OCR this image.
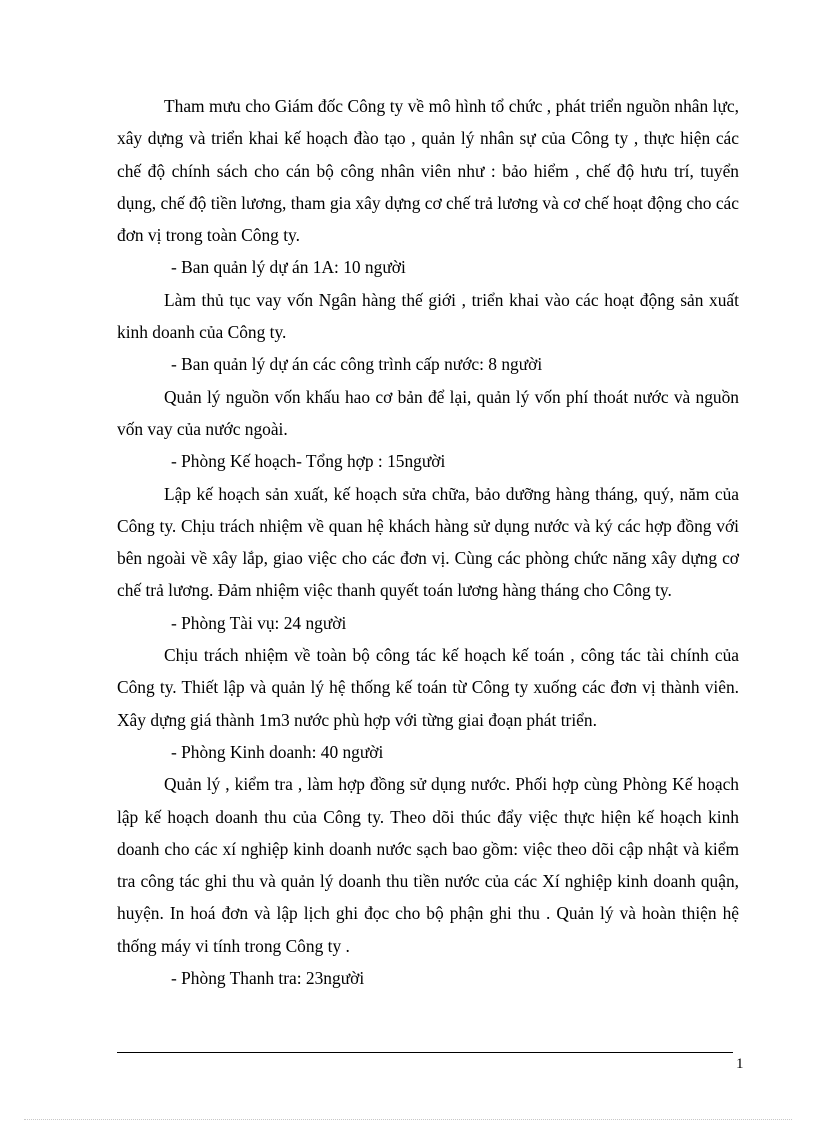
Tham mưu cho Giám đốc Công ty về mô hình tổ chức , phát triển nguồn nhân lực, xây dựng và triển khai kế hoạch đào tạo , quản lý nhân sự của Công ty , thực hiện các chế độ chính sách cho cán bộ công nhân viên như : bảo hiểm , chế độ hưu trí, tuyển dụng, chế độ tiền lương, tham gia xây dựng cơ chế trả lương và cơ chế hoạt động cho các đơn vị trong toàn Công ty.

- Ban quản lý dự án 1A: 10 người

Làm thủ tục vay vốn Ngân hàng thế giới , triển khai vào các hoạt động sản xuất kinh doanh của Công ty.

- Ban quản lý dự án các công trình cấp nước: 8 người

Quản lý nguồn vốn khấu hao cơ bản để lại, quản lý vốn phí thoát nước và nguồn vốn vay của nước ngoài.

- Phòng Kế hoạch- Tổng hợp : 15người

Lập kế hoạch sản xuất, kế hoạch sửa chữa, bảo dưỡng hàng tháng, quý, năm của Công ty. Chịu trách nhiệm về quan hệ khách hàng sử dụng nước và ký các hợp đồng với bên ngoài về xây lắp, giao việc cho các đơn vị. Cùng các phòng chức năng xây dựng cơ chế trả lương. Đảm nhiệm việc thanh quyết toán lương hàng tháng cho Công ty.

- Phòng Tài vụ: 24 người

Chịu trách nhiệm về toàn bộ công tác kế hoạch kế toán , công tác tài chính của Công ty. Thiết lập và quản lý hệ thống kế toán từ Công ty xuống các đơn vị thành viên. Xây dựng giá thành 1m3 nước phù hợp với từng giai đoạn phát triển.

- Phòng Kinh doanh: 40 người

Quản lý , kiểm tra , làm hợp đồng sử dụng nước. Phối hợp cùng Phòng Kế hoạch lập kế hoạch doanh thu của Công ty. Theo dõi thúc đẩy việc thực hiện kế hoạch kinh doanh cho các xí nghiệp kinh doanh nước sạch bao gồm: việc theo dõi cập nhật và kiểm tra công tác ghi thu và quản lý doanh thu tiền nước của các Xí nghiệp kinh doanh quận, huyện. In hoá đơn và lập lịch ghi đọc cho bộ phận ghi thu . Quản lý và hoàn thiện hệ thống máy vi tính trong Công ty .

- Phòng Thanh tra: 23người

1
